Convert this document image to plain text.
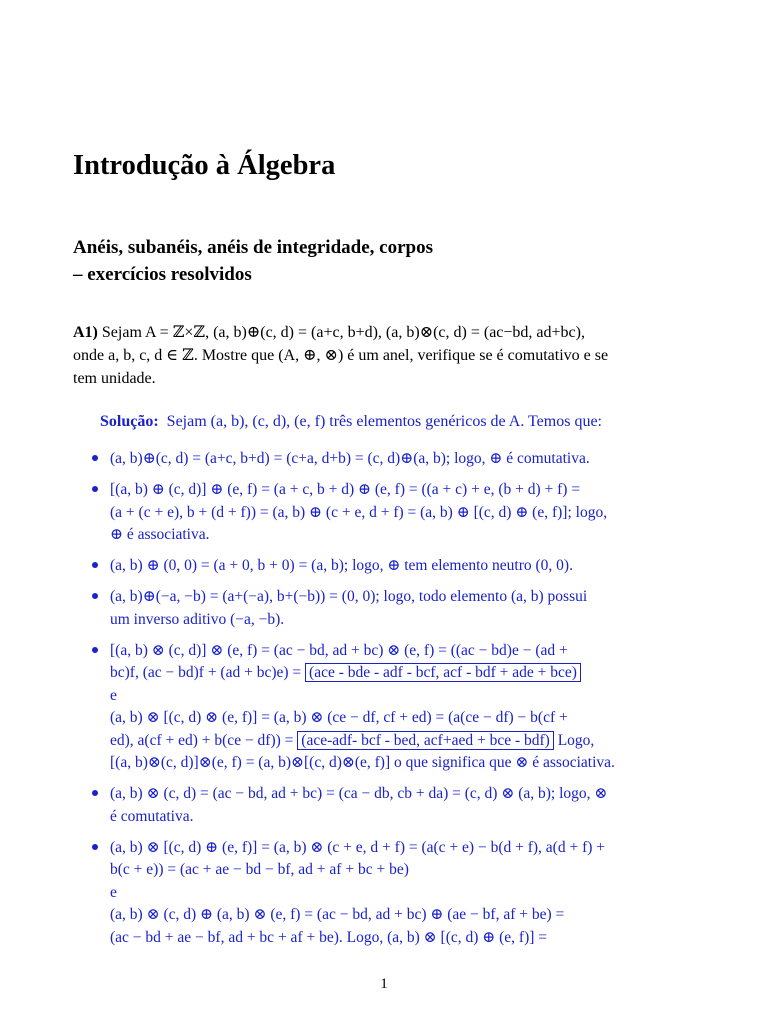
Introdução à Álgebra
Anéis, subanéis, anéis de integridade, corpos
– exercícios resolvidos
A1) Sejam A = ℤ×ℤ, (a, b)⊕(c, d) = (a+c, b+d), (a, b)⊗(c, d) = (ac−bd, ad+bc),
onde a, b, c, d ∈ ℤ. Mostre que (A, ⊕, ⊗) é um anel, verifique se é comutativo e se
tem unidade.

Solução: Sejam (a, b), (c, d), (e, f) três elementos genéricos de A. Temos que:

(a, b)⊕(c, d) = (a+c, b+d) = (c+a, d+b) = (c, d)⊕(a, b); logo, ⊕ é comutativa.
[(a, b) ⊕ (c, d)] ⊕ (e, f) = (a + c, b + d) ⊕ (e, f) = ((a + c) + e, (b + d) + f) =
(a + (c + e), b + (d + f)) = (a, b) ⊕ (c + e, d + f) = (a, b) ⊕ [(c, d) ⊕ (e, f)]; logo,
⊕ é associativa.
(a, b) ⊕ (0, 0) = (a + 0, b + 0) = (a, b); logo, ⊕ tem elemento neutro (0, 0).
(a, b)⊕(−a, −b) = (a+(−a), b+(−b)) = (0, 0); logo, todo elemento (a, b) possui
um inverso aditivo (−a, −b).
[(a, b) ⊗ (c, d)] ⊗ (e, f) = (ac − bd, ad + bc) ⊗ (e, f) = ((ac − bd)e − (ad +
bc)f, (ac − bd)f + (ad + bc)e) = (ace - bde - adf - bcf, acf - bdf + ade + bce)
e
(a, b) ⊗ [(c, d) ⊗ (e, f)] = (a, b) ⊗ (ce − df, cf + ed) = (a(ce − df) − b(cf +
ed), a(cf + ed) + b(ce − df)) = (ace-adf- bcf - bed, acf+aed + bce - bdf) Logo,
[(a, b)⊗(c, d)]⊗(e, f) = (a, b)⊗[(c, d)⊗(e, f)] o que significa que ⊗ é associativa.
(a, b) ⊗ (c, d) = (ac − bd, ad + bc) = (ca − db, cb + da) = (c, d) ⊗ (a, b); logo, ⊗
é comutativa.
(a, b) ⊗ [(c, d) ⊕ (e, f)] = (a, b) ⊗ (c + e, d + f) = (a(c + e) − b(d + f), a(d + f) +
b(c + e)) = (ac + ae − bd − bf, ad + af + bc + be)
e
(a, b) ⊗ (c, d) ⊕ (a, b) ⊗ (e, f) = (ac − bd, ad + bc) ⊕ (ae − bf, af + be) =
(ac − bd + ae − bf, ad + bc + af + be). Logo, (a, b) ⊗ [(c, d) ⊕ (e, f)] =

1
